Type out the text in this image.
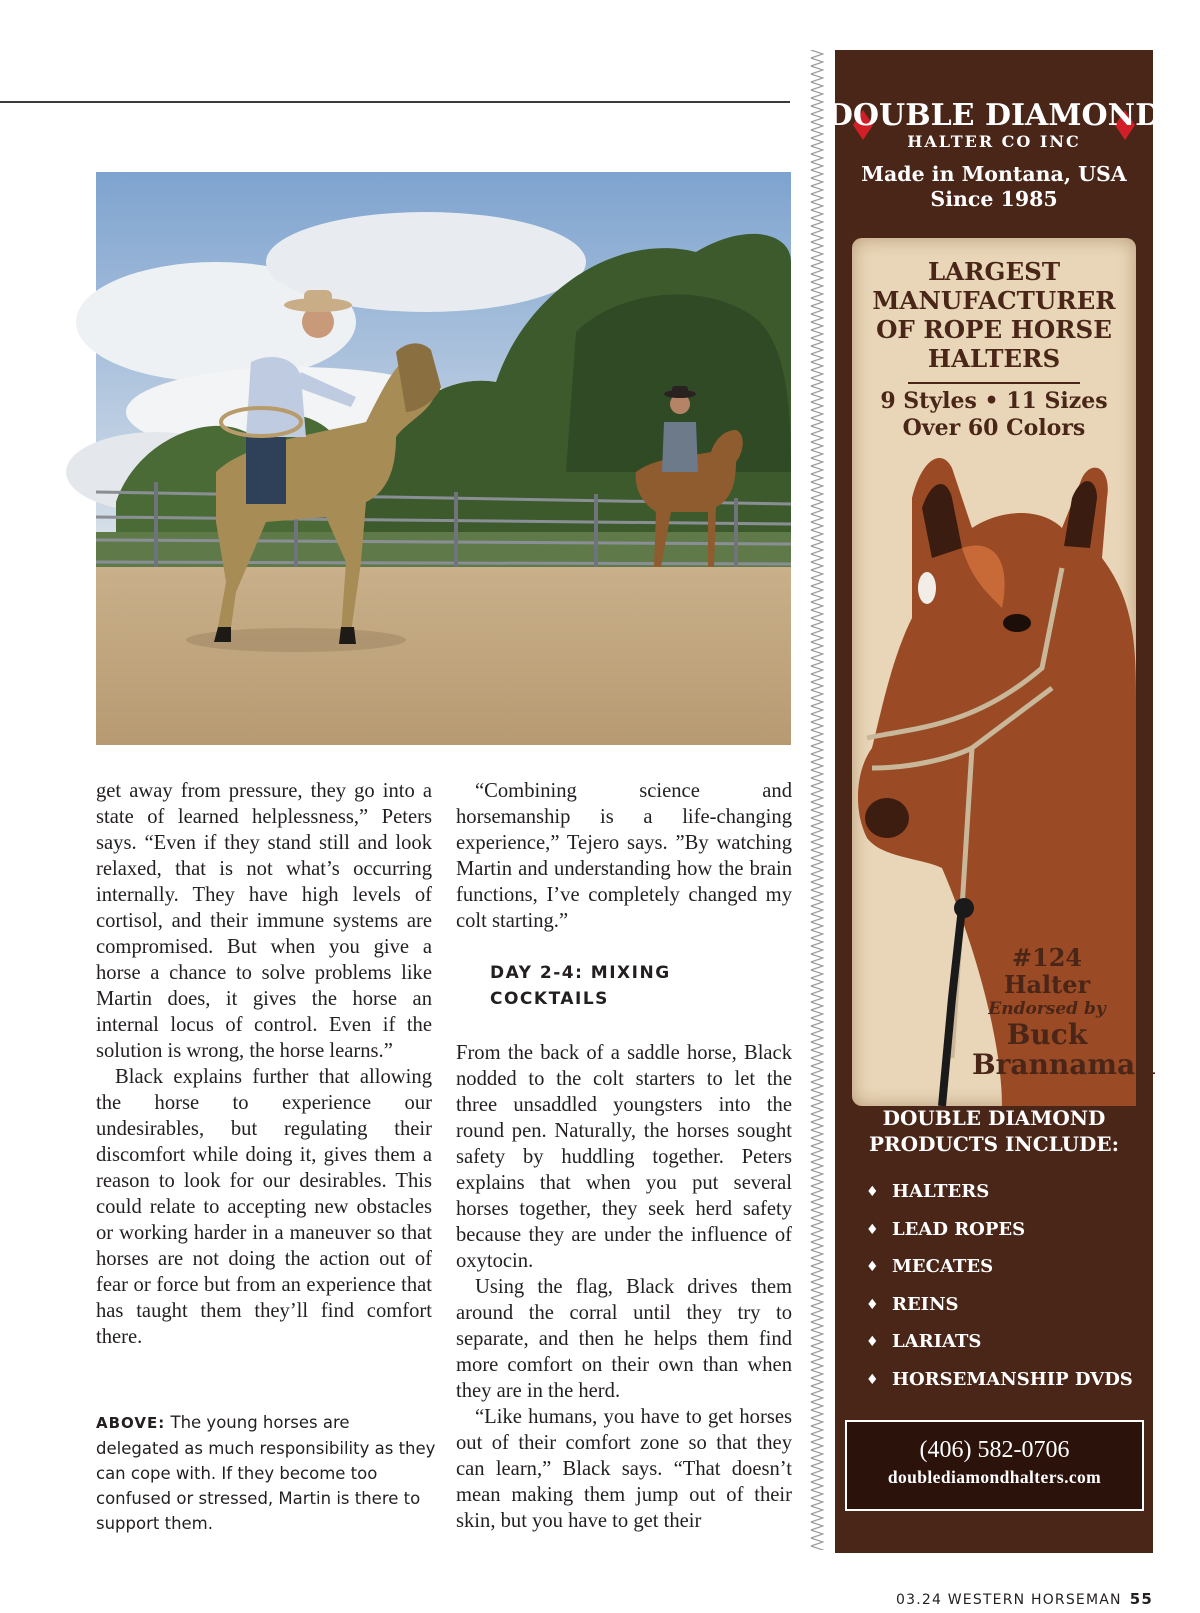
get away from pressure, they go into a state of learned helplessness,” Peters says. “Even if they stand still and look relaxed, that is not what’s occurring internally. They have high levels of cortisol, and their immune systems are compromised. But when you give a horse a chance to solve problems like Martin does, it gives the horse an internal locus of control. Even if the solution is wrong, the horse learns.”

Black explains further that allowing the horse to experience our undesirables, but regulating their discomfort while doing it, gives them a reason to look for our desirables. This could relate to accepting new obstacles or working harder in a maneuver so that horses are not doing the action out of fear or force but from an experience that has taught them they’ll find comfort there.

“Combining science and horsemanship is a life-changing experience,” Tejero says. ”By watching Martin and understanding how the brain functions, I’ve completely changed my colt starting.”

DAY 2-4: MIXING COCKTAILS

From the back of a saddle horse, Black nodded to the colt starters to let the three unsaddled youngsters into the round pen. Naturally, the horses sought safety by huddling together. Peters explains that when you put several horses together, they seek herd safety because they are under the influence of oxytocin.

Using the flag, Black drives them around the corral until they try to separate, and then he helps them find more comfort on their own than when they are in the herd.

“Like humans, you have to get horses out of their comfort zone so that they can learn,” Black says. “That doesn’t mean making them jump out of their skin, but you have to get their

ABOVE: The young horses are delegated as much responsibility as they can cope with. If they become too confused or stressed, Martin is there to support them.
DOUBLE DIAMOND
HALTER CO INC
Made in Montana, USA
Since 1985
LARGEST
MANUFACTURER
OF ROPE HORSE
HALTERS
9 Styles • 11 Sizes
Over 60 Colors
#124
Halter
Endorsed by
Buck
Brannaman
DOUBLE DIAMOND
PRODUCTS INCLUDE:
♦ HALTERS
♦ LEAD ROPES
♦ MECATES
♦ REINS
♦ LARIATS
♦ HORSEMANSHIP DVDS
(406) 582-0706
doublediamondhalters.com
03.24 WESTERN HORSEMAN 55
